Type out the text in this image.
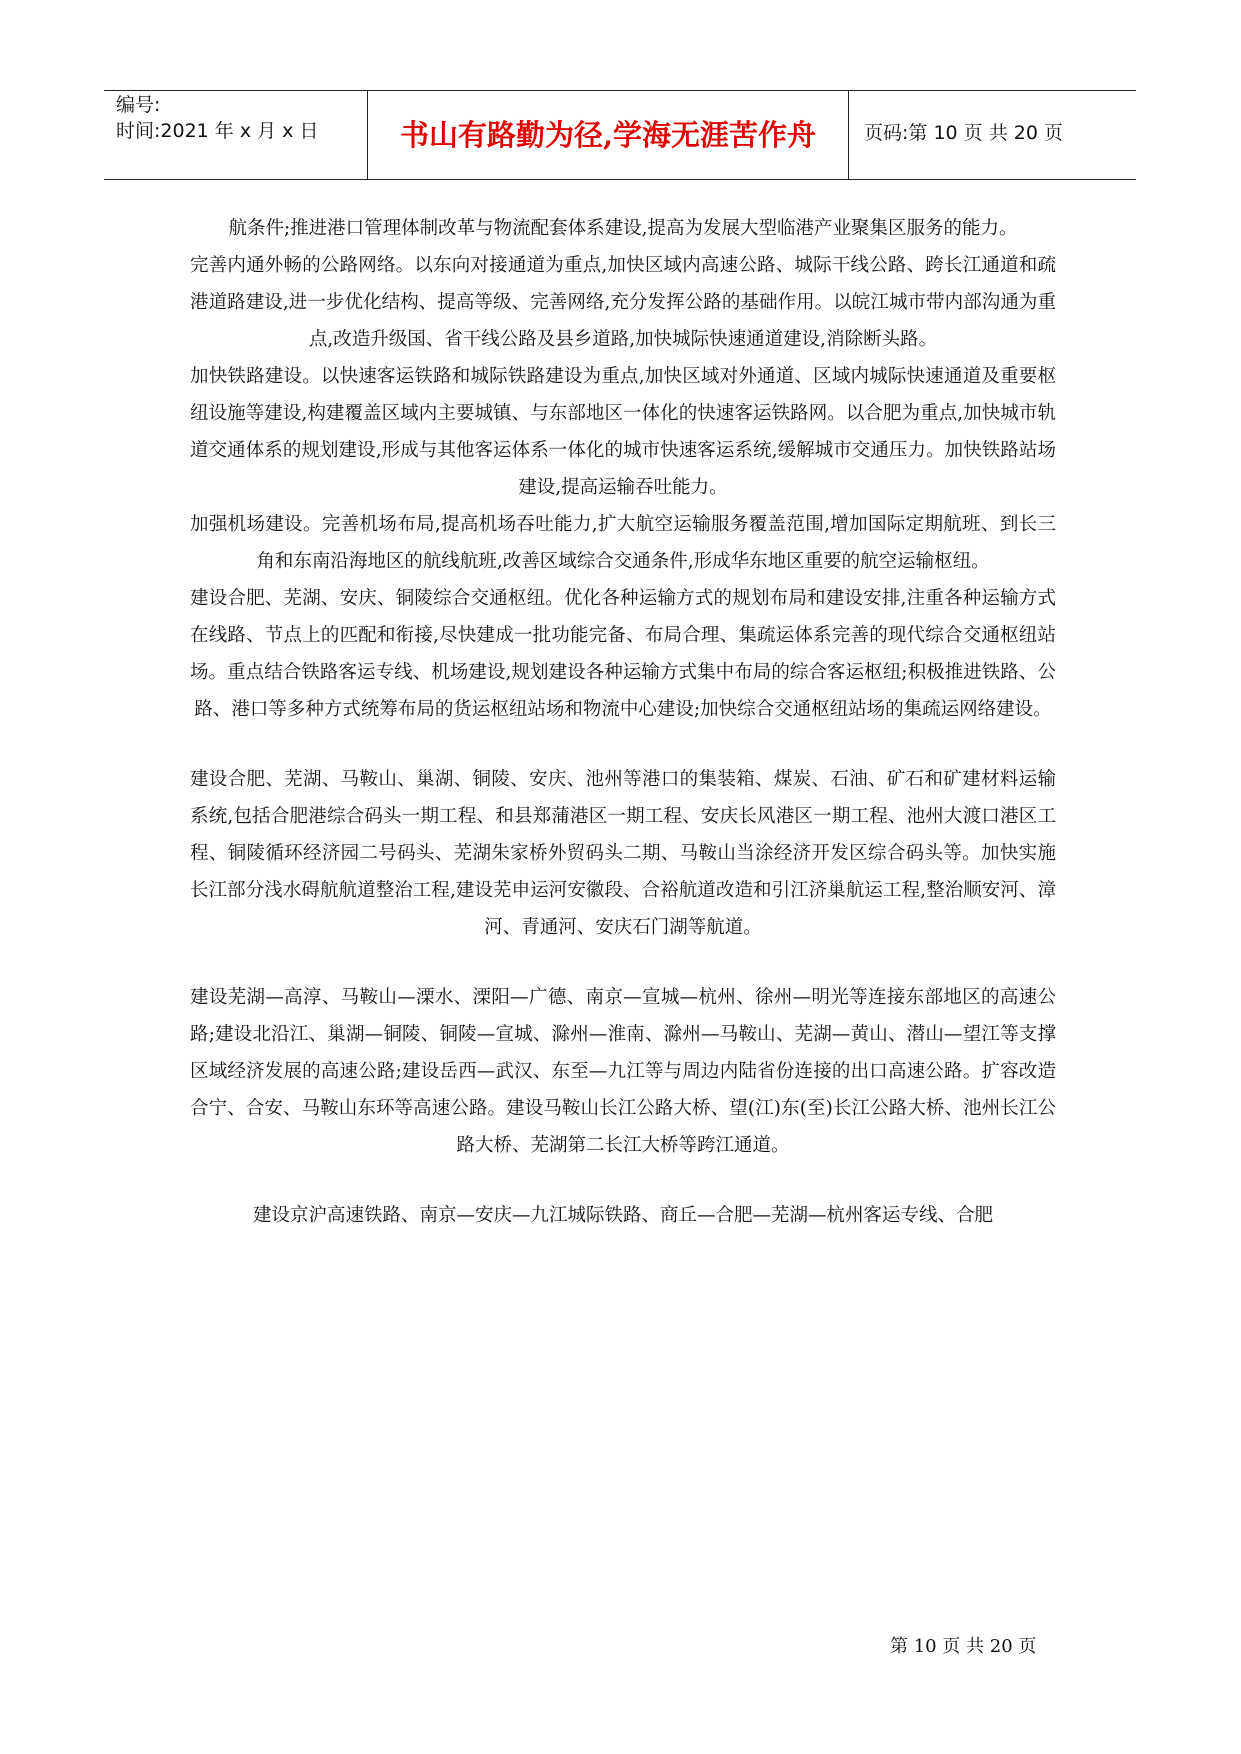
编号:
时间:2021 年 x 月 x 日	书山有路勤为径,学海无涯苦作舟	页码:第 10 页 共 20 页

航条件;推进港口管理体制改革与物流配套体系建设,提高为发展大型临港产业聚集区服务的能力。

完善内通外畅的公路网络。以东向对接通道为重点,加快区域内高速公路、城际干线公路、跨长江通道和疏港道路建设,进一步优化结构、提高等级、完善网络,充分发挥公路的基础作用。以皖江城市带内部沟通为重点,改造升级国、省干线公路及县乡道路,加快城际快速通道建设,消除断头路。

加快铁路建设。以快速客运铁路和城际铁路建设为重点,加快区域对外通道、区域内城际快速通道及重要枢纽设施等建设,构建覆盖区域内主要城镇、与东部地区一体化的快速客运铁路网。以合肥为重点,加快城市轨道交通体系的规划建设,形成与其他客运体系一体化的城市快速客运系统,缓解城市交通压力。加快铁路站场建设,提高运输吞吐能力。

加强机场建设。完善机场布局,提高机场吞吐能力,扩大航空运输服务覆盖范围,增加国际定期航班、到长三角和东南沿海地区的航线航班,改善区域综合交通条件,形成华东地区重要的航空运输枢纽。

建设合肥、芜湖、安庆、铜陵综合交通枢纽。优化各种运输方式的规划布局和建设安排,注重各种运输方式在线路、节点上的匹配和衔接,尽快建成一批功能完备、布局合理、集疏运体系完善的现代综合交通枢纽站场。重点结合铁路客运专线、机场建设,规划建设各种运输方式集中布局的综合客运枢纽;积极推进铁路、公路、港口等多种方式统筹布局的货运枢纽站场和物流中心建设;加快综合交通枢纽站场的集疏运网络建设。

建设合肥、芜湖、马鞍山、巢湖、铜陵、安庆、池州等港口的集装箱、煤炭、石油、矿石和矿建材料运输系统,包括合肥港综合码头一期工程、和县郑蒲港区一期工程、安庆长风港区一期工程、池州大渡口港区工程、铜陵循环经济园二号码头、芜湖朱家桥外贸码头二期、马鞍山当涂经济开发区综合码头等。加快实施长江部分浅水碍航航道整治工程,建设芜申运河安徽段、合裕航道改造和引江济巢航运工程,整治顺安河、漳河、青通河、安庆石门湖等航道。

建设芜湖—高淳、马鞍山—溧水、溧阳—广德、南京—宣城—杭州、徐州—明光等连接东部地区的高速公路;建设北沿江、巢湖—铜陵、铜陵—宣城、滁州—淮南、滁州—马鞍山、芜湖—黄山、潜山—望江等支撑区域经济发展的高速公路;建设岳西—武汉、东至—九江等与周边内陆省份连接的出口高速公路。扩容改造合宁、合安、马鞍山东环等高速公路。建设马鞍山长江公路大桥、望(江)东(至)长江公路大桥、池州长江公路大桥、芜湖第二长江大桥等跨江通道。

建设京沪高速铁路、南京—安庆—九江城际铁路、商丘—合肥—芜湖—杭州客运专线、合肥

第 10 页 共 20 页
